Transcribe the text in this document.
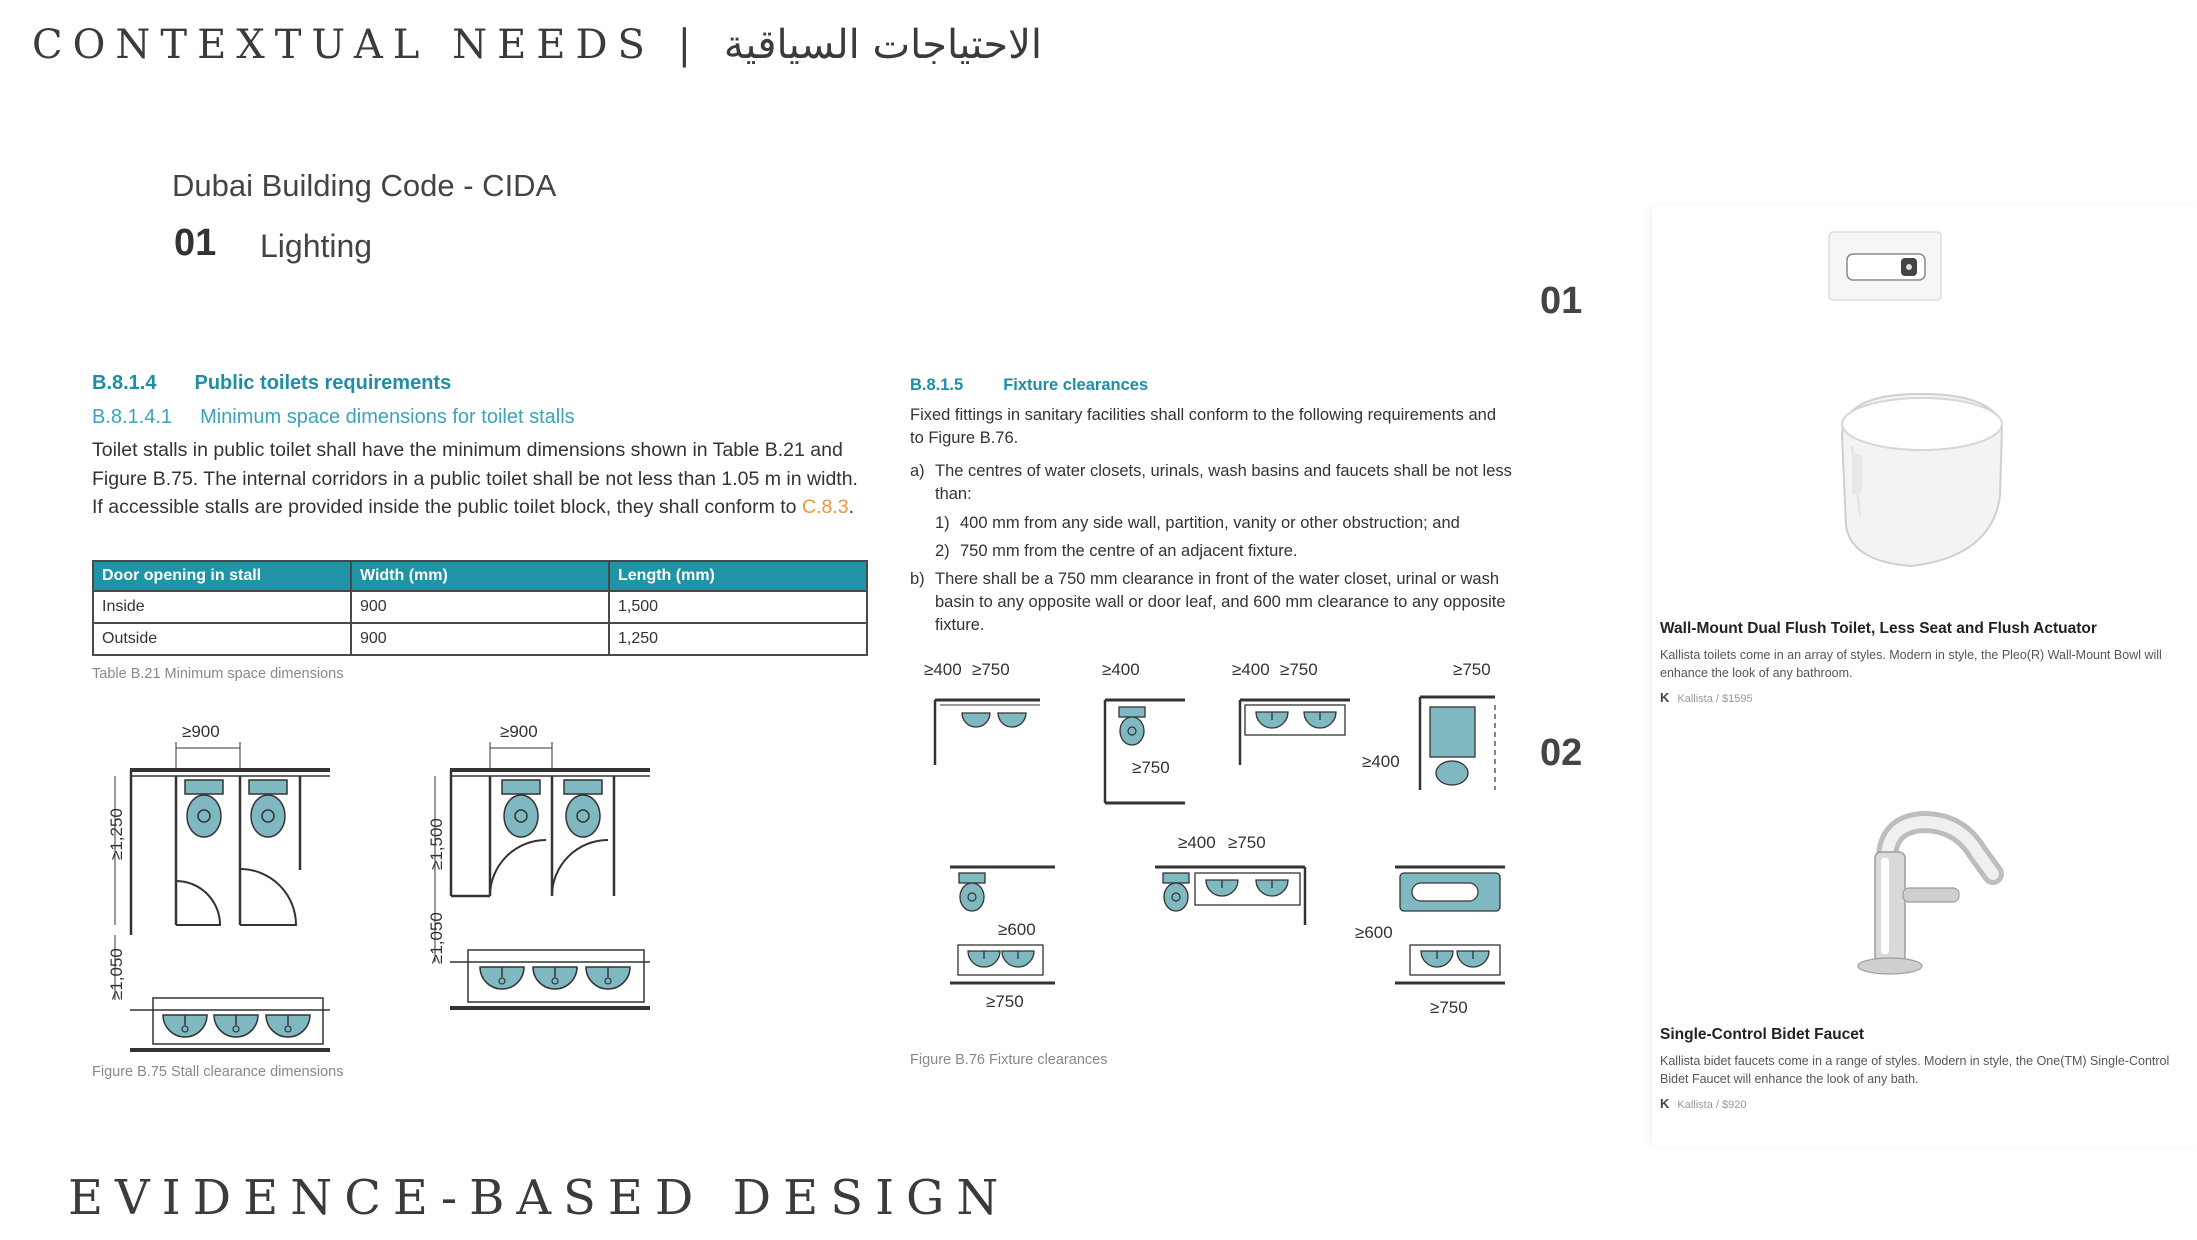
CONTEXTUAL NEEDS | الاحتياجات السياقية
EVIDENCE-BASED DESIGN
Dubai Building Code - CIDA
01 Lighting
01
02
B.8.1.4 Public toilets requirements
B.8.1.4.1 Minimum space dimensions for toilet stalls
Toilet stalls in public toilet shall have the minimum dimensions shown in Table B.21 and Figure B.75. The internal corridors in a public toilet shall be not less than 1.05 m in width. If accessible stalls are provided inside the public toilet block, they shall conform to C.8.3.
Door opening in stall	Width (mm)	Length (mm)
Inside	900	1,500
Outside	900	1,250
Table B.21 Minimum space dimensions
≥900
≥1,250
≥1,050
≥900
≥1,500
≥1,050
Figure B.75 Stall clearance dimensions
B.8.1.5 Fixture clearances
Fixed fittings in sanitary facilities shall conform to the following requirements and to Figure B.76.
a) The centres of water closets, urinals, wash basins and faucets shall be not less than:
1) 400 mm from any side wall, partition, vanity or other obstruction; and
2) 750 mm from the centre of an adjacent fixture.
b) There shall be a 750 mm clearance in front of the water closet, urinal or wash basin to any opposite wall or door leaf, and 600 mm clearance to any opposite fixture.
≥400 ≥750	≥400
≥750
≥400 ≥750	≥750
≥400
≥600
≥750
≥400 ≥750
≥600
≥750
Figure B.76 Fixture clearances
Wall-Mount Dual Flush Toilet, Less Seat and Flush Actuator
Kallista toilets come in an array of styles. Modern in style, the Pleo(R) Wall-Mount Bowl will enhance the look of any bathroom.
K Kallista / $1595
Single-Control Bidet Faucet
Kallista bidet faucets come in a range of styles. Modern in style, the One(TM) Single-Control Bidet Faucet will enhance the look of any bath.
K Kallista / $920
